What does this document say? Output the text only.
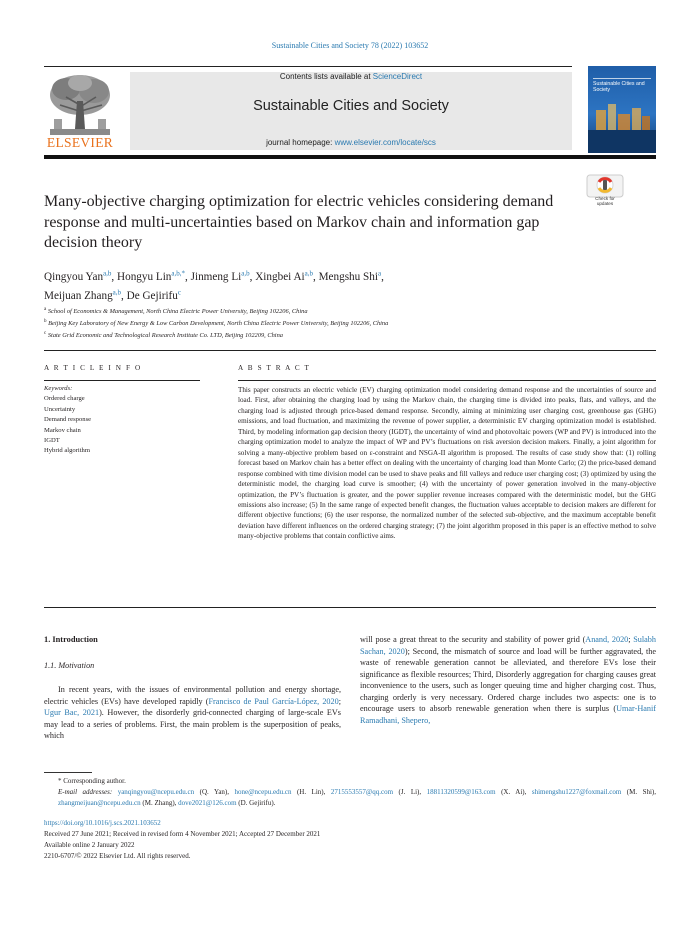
Sustainable Cities and Society 78 (2022) 103652
ELSEVIER
Contents lists available at ScienceDirect
Sustainable Cities and Society
journal homepage: www.elsevier.com/locate/scs
Sustainable Cities and Society
Many-objective charging optimization for electric vehicles considering demand response and multi-uncertainties based on Markov chain and information gap decision theory
Check for updates
Qingyou Yan$^{a,b}$, Hongyu Lin$^{a,b,*}$, Jinmeng Li$^{a,b}$, Xingbei Ai$^{a,b}$, Mengshu Shi$^a$,
Meijuan Zhang$^{a,b}$, De Gejirifu$^c$
$^a$ School of Economics & Management, North China Electric Power University, Beijing 102206, China
$^b$ Beijing Key Laboratory of New Energy & Low Carbon Development, North China Electric Power University, Beijing 102206, China
$^c$ State Grid Economic and Technological Research Institute Co. LTD, Beijing 102209, China
A R T I C L E I N F O
Keywords:
Ordered charge
Uncertainty
Demand response
Markov chain
IGDT
Hybrid algorithm
A B S T R A C T

This paper constructs an electric vehicle (EV) charging optimization model considering demand response and the uncertainties of source and load. First, after obtaining the charging load by using the Markov chain, the charging time is divided into peaks, flats, and valleys, and the charging load is adjusted through price-based demand response. Secondly, aiming at minimizing user charging cost, greenhouse gas (GHG) emissions, and load fluctuation, and maximizing the revenue of power supplier, a deterministic EV charging optimization model is established. Third, by modeling information gap decision theory (IGDT), the uncertainty of wind and photovoltaic powers (WP and PV) is introduced into the charging optimization model to analyze the impact of WP and PV’s fluctuations on risk aversion decision makers. Finally, a joint algorithm for solving a many-objective problem based on ε-constraint and NSGA-II algorithm is proposed. The results of case study show that: (1) rolling forecast based on Markov chain has a better effect on dealing with the uncertainty of charging load than Monte Carlo; (2) the price-based demand response combined with time division model can be used to shave peaks and fill valleys and reduce user charging cost; (3) optimized by using the deterministic model, the charging load curve is smoother; (4) with the uncertainty of power generation involved in the many-objective optimization, the PV’s fluctuation is greater, and the power supplier revenue increases compared with the deterministic model, but the GHG emissions also increase; (5) In the same range of expected benefit changes, the fluctuation values acceptable to decision makers are different for different objective functions; (6) the user response, the normalized number of the selected sub-objective, and the maximum acceptable benefit deviation have different influences on the ordered charging strategy; (7) the joint algorithm proposed in this paper is an effective method to solve many-objective problems that contain conflictive aims.

1. Introduction
1.1. Motivation

In recent years, with the issues of environmental pollution and energy shortage, electric vehicles (EVs) have developed rapidly (Francisco de Paul García-López, 2020; Ugur Bac, 2021). However, the disorderly grid-connected charging of large-scale EVs may lead to a series of problems. First, the main problem is the superposition of peaks, which

will pose a great threat to the security and stability of power grid (Anand, 2020; Sulabh Sachan, 2020); Second, the mismatch of source and load will be further aggravated, the waste of renewable generation cannot be alleviated, and therefore EVs lose their significance as flexible resources; Third, Disorderly aggregation for charging causes great inconvenience to the users, such as longer queuing time and higher charging cost. Thus, charging orderly is very necessary. Ordered charge includes two aspects: one is to encourage users to absorb renewable generation when there is surplus (Umar-Hanif Ramadhani, Shepero,
* Corresponding author.
E-mail addresses: yanqingyou@ncepu.edu.cn (Q. Yan), hone@ncepu.edu.cn (H. Lin), 2715553557@qq.com (J. Li), 18811320599@163.com (X. Ai), shimengshu1227@foxmail.com (M. Shi), zhangmeijuan@ncepu.edu.cn (M. Zhang), dove2021@126.com (D. Gejirifu).
https://doi.org/10.1016/j.scs.2021.103652
Received 27 June 2021; Received in revised form 4 November 2021; Accepted 27 December 2021
Available online 2 January 2022
2210-6707/© 2022 Elsevier Ltd. All rights reserved.
